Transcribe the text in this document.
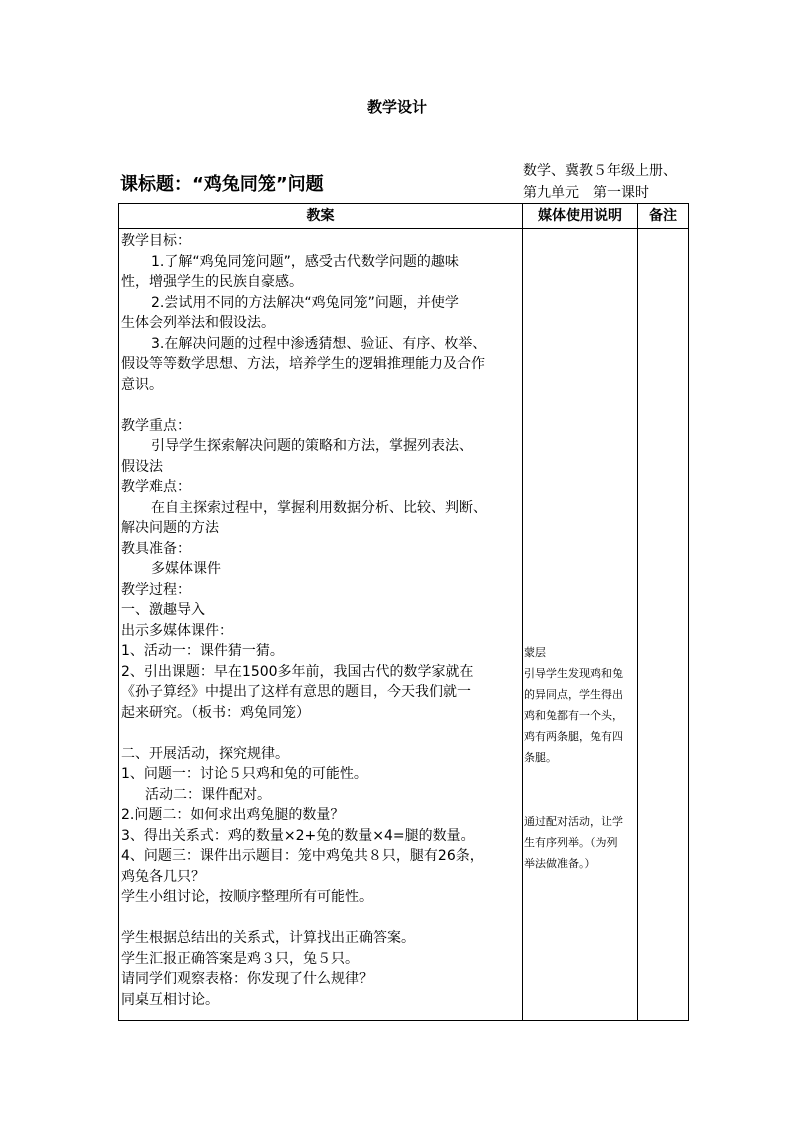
教学设计
课标题：“鸡兔同笼”问题
数学、冀教５年级上册、
第九单元　第一课时
教案	媒体使用说明	备注
教学目标：
1.了解“鸡兔同笼问题”，感受古代数学问题的趣味
性，增强学生的民族自豪感。
2.尝试用不同的方法解决“鸡兔同笼”问题，并使学
生体会列举法和假设法。
3.在解决问题的过程中渗透猜想、验证、有序、枚举、
假设等等数学思想、方法，培养学生的逻辑推理能力及合作
意识。
教学重点：
引导学生探索解决问题的策略和方法，掌握列表法、
假设法
教学难点：
在自主探索过程中，掌握利用数据分析、比较、判断、
解决问题的方法
教具准备：
多媒体课件
教学过程：
一、激趣导入
出示多媒体课件：
1、活动一：课件猜一猜。
2、引出课题：早在1500多年前，我国古代的数学家就在
《孙子算经》中提出了这样有意思的题目，今天我们就一
起来研究。（板书：鸡兔同笼）
二、开展活动，探究规律。
1、问题一：讨论５只鸡和兔的可能性。
活动二：课件配对。
2.问题二：如何求出鸡兔腿的数量？
3、得出关系式：鸡的数量×2+兔的数量×4=腿的数量。
4、问题三：课件出示题目：笼中鸡兔共８只，腿有26条，
鸡兔各几只？
学生小组讨论，按顺序整理所有可能性。
学生根据总结出的关系式，计算找出正确答案。
学生汇报正确答案是鸡３只，兔５只。
请同学们观察表格：你发现了什么规律？
同桌互相讨论。
蒙层
引导学生发现鸡和兔
的异同点，学生得出
鸡和兔都有一个头，
鸡有两条腿，兔有四
条腿。
通过配对活动，让学
生有序列举。（为列
举法做准备。）
